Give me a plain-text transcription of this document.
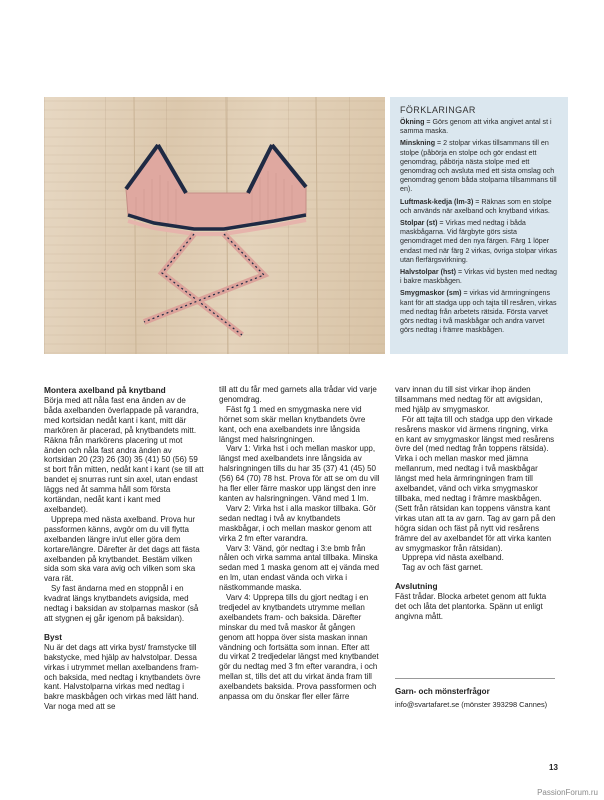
FÖRKLARINGAR
Ökning = Görs genom att virka angivet antal st i samma maska.
Minskning = 2 stolpar virkas tillsammans till en stolpe (påbörja en stolpe och gör endast ett genomdrag, påbörja nästa stolpe med ett genomdrag och avsluta med ett sista omslag och genomdrag genom båda stolparna tillsammans till en).
Luftmask-kedja (lm-3) = Räknas som en stolpe och används när axelband och knytband virkas.
Stolpar (st) = Virkas med nedtag i båda maskbågarna. Vid färgbyte görs sista genomdraget med den nya färgen. Färg 1 löper endast med när färg 2 virkas, övriga stolpar virkas utan flerfärgsvirkning.
Halvstolpar (hst) = Virkas vid bysten med nedtag i bakre maskbågen.
Smygmaskor (sm) = virkas vid ärmringningens kant för att stadga upp och tajta till resåren, virkas med nedtag från arbetets rätsida. Första varvet görs nedtag i två maskbågar och andra varvet görs nedtag i främre maskbågen.
Montera axelband på knytband

Börja med att nåla fast ena änden av de båda axelbanden överlappade på varandra, med kortsidan nedåt kant i kant, mitt där markören är placerad, på knytbandets mitt. Räkna från markörens placering ut mot änden och nåla fast andra änden av kortsidan 20 (23) 26 (30) 35 (41) 50 (56) 59 st bort från mitten, nedåt kant i kant (se till att bandet ej snurras runt sin axel, utan endast läggs ned åt samma håll som första kortändan, nedåt kant i kant med axelbandet).

Upprepa med nästa axelband. Prova hur passformen känns, avgör om du vill flytta axelbanden längre in/ut eller göra dem kortare/längre. Därefter är det dags att fästa axelbanden på knytbandet. Bestäm vilken sida som ska vara avig och vilken som ska vara rät.

Sy fast ändarna med en stoppnål i en kvadrat längs knytbandets avigsida, med nedtag i baksidan av stolparnas maskor (så att stygnen ej går igenom på baksidan).

Byst

Nu är det dags att virka byst/ framstycke till bakstycke, med hjälp av halvstolpar. Dessa virkas i utrymmet mellan axelbandens fram- och baksida, med nedtag i knytbandets övre kant. Halvstolparna virkas med nedtag i bakre maskbågen och virkas med lätt hand. Var noga med att se

till att du får med garnets alla trådar vid varje genomdrag.

Fäst fg 1 med en smygmaska nere vid hörnet som skär mellan knytbandets övre kant, och ena axelbandets inre långsida längst med halsringningen.

Varv 1: Virka hst i och mellan maskor upp, längst med axelbandets inre långsida av halsringningen tills du har 35 (37) 41 (45) 50 (56) 64 (70) 78 hst. Prova för att se om du vill ha fler eller färre maskor upp längst den inre kanten av halsringningen. Vänd med 1 lm.

Varv 2: Virka hst i alla maskor tillbaka. Gör sedan nedtag i två av knytbandets maskbågar, i och mellan maskor genom att virka 2 fm efter varandra.

Varv 3: Vänd, gör nedtag i 3:e bmb från nålen och virka samma antal tillbaka. Minska sedan med 1 maska genom att ej vända med en lm, utan endast vända och virka i nästkommande maska.

Varv 4: Upprepa tills du gjort nedtag i en tredjedel av knytbandets utrymme mellan axelbandets fram- och baksida. Därefter minskar du med två maskor åt gången genom att hoppa över sista maskan innan vändning och fortsätta som innan. Efter att du virkat 2 tredjedelar längst med knytbandet gör du nedtag med 3 fm efter varandra, i och mellan st, tills det att du virkat ända fram till axelbandets baksida. Prova passformen och anpassa om du önskar fler eller färre

varv innan du till sist virkar ihop änden tillsammans med nedtag för att avigsidan, med hjälp av smygmaskor.

För att tajta till och stadga upp den virkade resårens maskor vid ärmens ringning, virka en kant av smygmaskor längst med resårens övre del (med nedtag från toppens rätsida). Virka i och mellan maskor med jämna mellanrum, med nedtag i två maskbågar längst med hela ärmringningen fram till axelbandet, vänd och virka smygmaskor tillbaka, med nedtag i främre maskbågen. (Sett från rätsidan kan toppens vänstra kant virkas utan att ta av garn. Tag av garn på den högra sidan och fäst på nytt vid resårens främre del av axelbandet för att virka kanten av smygmaskor från rätsidan).

Upprepa vid nästa axelband.

Tag av och fäst garnet.

Avslutning

Fäst trådar. Blocka arbetet genom att fukta det och låta det plantorka. Spänn ut enligt angivna mått.

Garn- och mönsterfrågor
info@svartafaret.se (mönster 393298 Cannes)
13
PassionForum.ru
